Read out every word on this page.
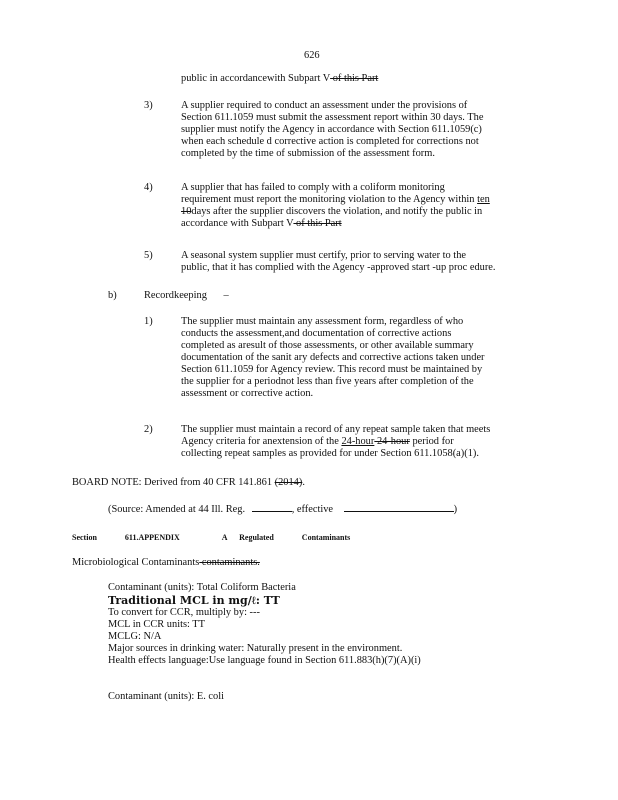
626
public in accordancewith Subpart V of this Part
3)	A supplier required to conduct an assessment under the provisions of
Section 611.1059 must submit the assessment report within 30 days. The
supplier must notify the Agency in accordance with Section 611.1059(c)
when each schedule d corrective action is completed for corrections not
completed by the time of submission of the assessment form.
4)	A supplier that has failed to comply with a coliform monitoring
requirement must report the monitoring violation to the Agency within ten
10days after the supplier discovers the violation, and notify the public in
accordance with Subpart V of this Part
5)	A seasonal system supplier must certify, prior to serving water to the
public, that it has complied with the Agency -approved start -up proc edure.
b)	Recordkeeping –
1)	The supplier must maintain any assessment form, regardless of who
conducts the assessment,and documentation of corrective actions
completed as aresult of those assessments, or other available summary
documentation of the sanit ary defects and corrective actions taken under
Section 611.1059 for Agency review. This record must be maintained by
the supplier for a periodnot less than five years after completion of the
assessment or corrective action.
2)	The supplier must maintain a record of any repeat sample taken that meets
Agency criteria for anextension of the 24-hour 24-hour period for
collecting repeat samples as provided for under Section 611.1058(a)(1).
BOARD NOTE: Derived from 40 CFR 141.861 (2014).
(Source: Amended at 44 Ill. Reg.	, effective	)
Section	611.APPENDIX	A Regulated	Contaminants
Microbiological Contaminants contaminants.
Contaminant (units): Total Coliform Bacteria
Traditional MCL in mg/ℓ: TT
To convert for CCR, multiply by: ---
MCL in CCR units: TT
MCLG: N/A
Major sources in drinking water: Naturally present in the environment.
Health effects language:Use language found in Section 611.883(h)(7)(A)(i)
Contaminant (units): E. coli
